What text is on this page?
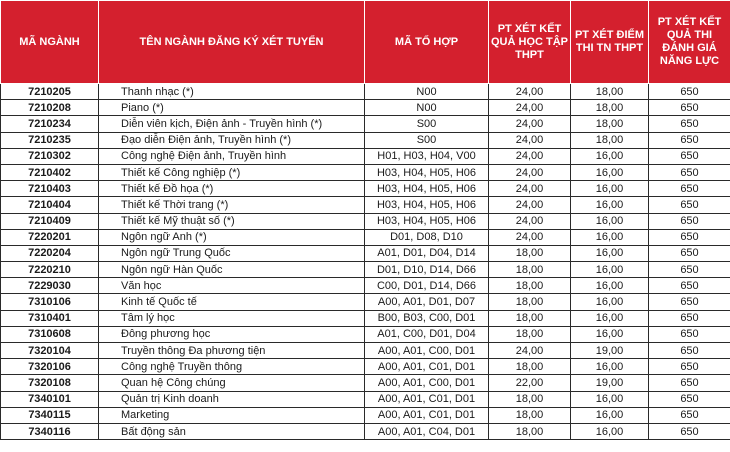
MÃ NGÀNH	TÊN NGÀNH ĐĂNG KÝ XÉT TUYỂN	MÃ TỔ HỢP	PT XÉT KẾT QUẢ HỌC TẬP THPT	PT XÉT ĐIỂM THI TN THPT	PT XÉT KẾT QUẢ THI ĐÁNH GIÁ NĂNG LỰC
7210205	Thanh nhạc (*)	N00	24,00	18,00	650
7210208	Piano (*)	N00	24,00	18,00	650
7210234	Diễn viên kịch, Điện ảnh - Truyền hình (*)	S00	24,00	18,00	650
7210235	Đạo diễn Điện ảnh, Truyền hình (*)	S00	24,00	18,00	650
7210302	Công nghệ Điện ảnh, Truyền hình	H01, H03, H04, V00	24,00	16,00	650
7210402	Thiết kế Công nghiệp (*)	H03, H04, H05, H06	24,00	16,00	650
7210403	Thiết kế Đồ họa (*)	H03, H04, H05, H06	24,00	16,00	650
7210404	Thiết kế Thời trang (*)	H03, H04, H05, H06	24,00	16,00	650
7210409	Thiết kế Mỹ thuật số (*)	H03, H04, H05, H06	24,00	16,00	650
7220201	Ngôn ngữ Anh (*)	D01, D08, D10	24,00	16,00	650
7220204	Ngôn ngữ Trung Quốc	A01, D01, D04, D14	18,00	16,00	650
7220210	Ngôn ngữ Hàn Quốc	D01, D10, D14, D66	18,00	16,00	650
7229030	Văn học	C00, D01, D14, D66	18,00	16,00	650
7310106	Kinh tế Quốc tế	A00, A01, D01, D07	18,00	16,00	650
7310401	Tâm lý học	B00, B03, C00, D01	18,00	16,00	650
7310608	Đông phương học	A01, C00, D01, D04	18,00	16,00	650
7320104	Truyền thông Đa phương tiện	A00, A01, C00, D01	24,00	19,00	650
7320106	Công nghệ Truyền thông	A00, A01, C01, D01	18,00	16,00	650
7320108	Quan hệ Công chúng	A00, A01, C00, D01	22,00	19,00	650
7340101	Quản trị Kinh doanh	A00, A01, C01, D01	18,00	16,00	650
7340115	Marketing	A00, A01, C01, D01	18,00	16,00	650
7340116	Bất động sản	A00, A01, C04, D01	18,00	16,00	650
